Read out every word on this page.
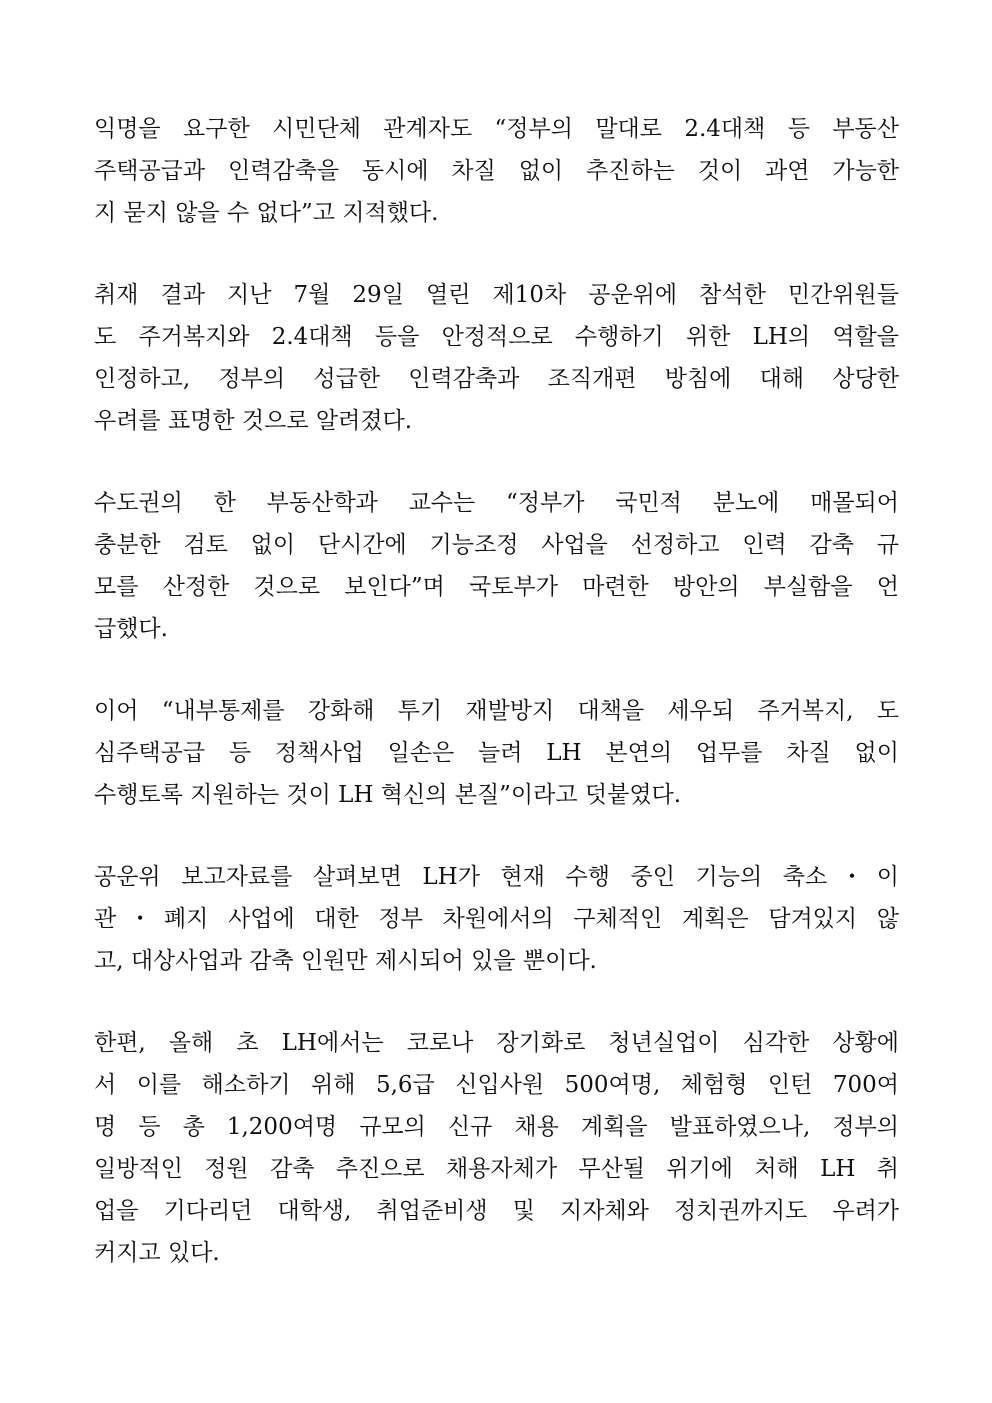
익명을 요구한 시민단체 관계자도 “정부의 말대로 2.4대책 등 부동산
주택공급과 인력감축을 동시에 차질 없이 추진하는 것이 과연 가능한
지 묻지 않을 수 없다”고 지적했다.
취재 결과 지난 7월 29일 열린 제10차 공운위에 참석한 민간위원들
도 주거복지와 2.4대책 등을 안정적으로 수행하기 위한 LH의 역할을
인정하고, 정부의 성급한 인력감축과 조직개편 방침에 대해 상당한
우려를 표명한 것으로 알려졌다.
수도권의 한 부동산학과 교수는 “정부가 국민적 분노에 매몰되어
충분한 검토 없이 단시간에 기능조정 사업을 선정하고 인력 감축 규
모를 산정한 것으로 보인다”며 국토부가 마련한 방안의 부실함을 언
급했다.
이어 “내부통제를 강화해 투기 재발방지 대책을 세우되 주거복지, 도
심주택공급 등 정책사업 일손은 늘려 LH 본연의 업무를 차질 없이
수행토록 지원하는 것이 LH 혁신의 본질”이라고 덧붙였다.
공운위 보고자료를 살펴보면 LH가 현재 수행 중인 기능의 축소・이
관・폐지 사업에 대한 정부 차원에서의 구체적인 계획은 담겨있지 않
고, 대상사업과 감축 인원만 제시되어 있을 뿐이다.
한편, 올해 초 LH에서는 코로나 장기화로 청년실업이 심각한 상황에
서 이를 해소하기 위해 5,6급 신입사원 500여명, 체험형 인턴 700여
명 등 총 1,200여명 규모의 신규 채용 계획을 발표하였으나, 정부의
일방적인 정원 감축 추진으로 채용자체가 무산될 위기에 처해 LH 취
업을 기다리던 대학생, 취업준비생 및 지자체와 정치권까지도 우려가
커지고 있다.
